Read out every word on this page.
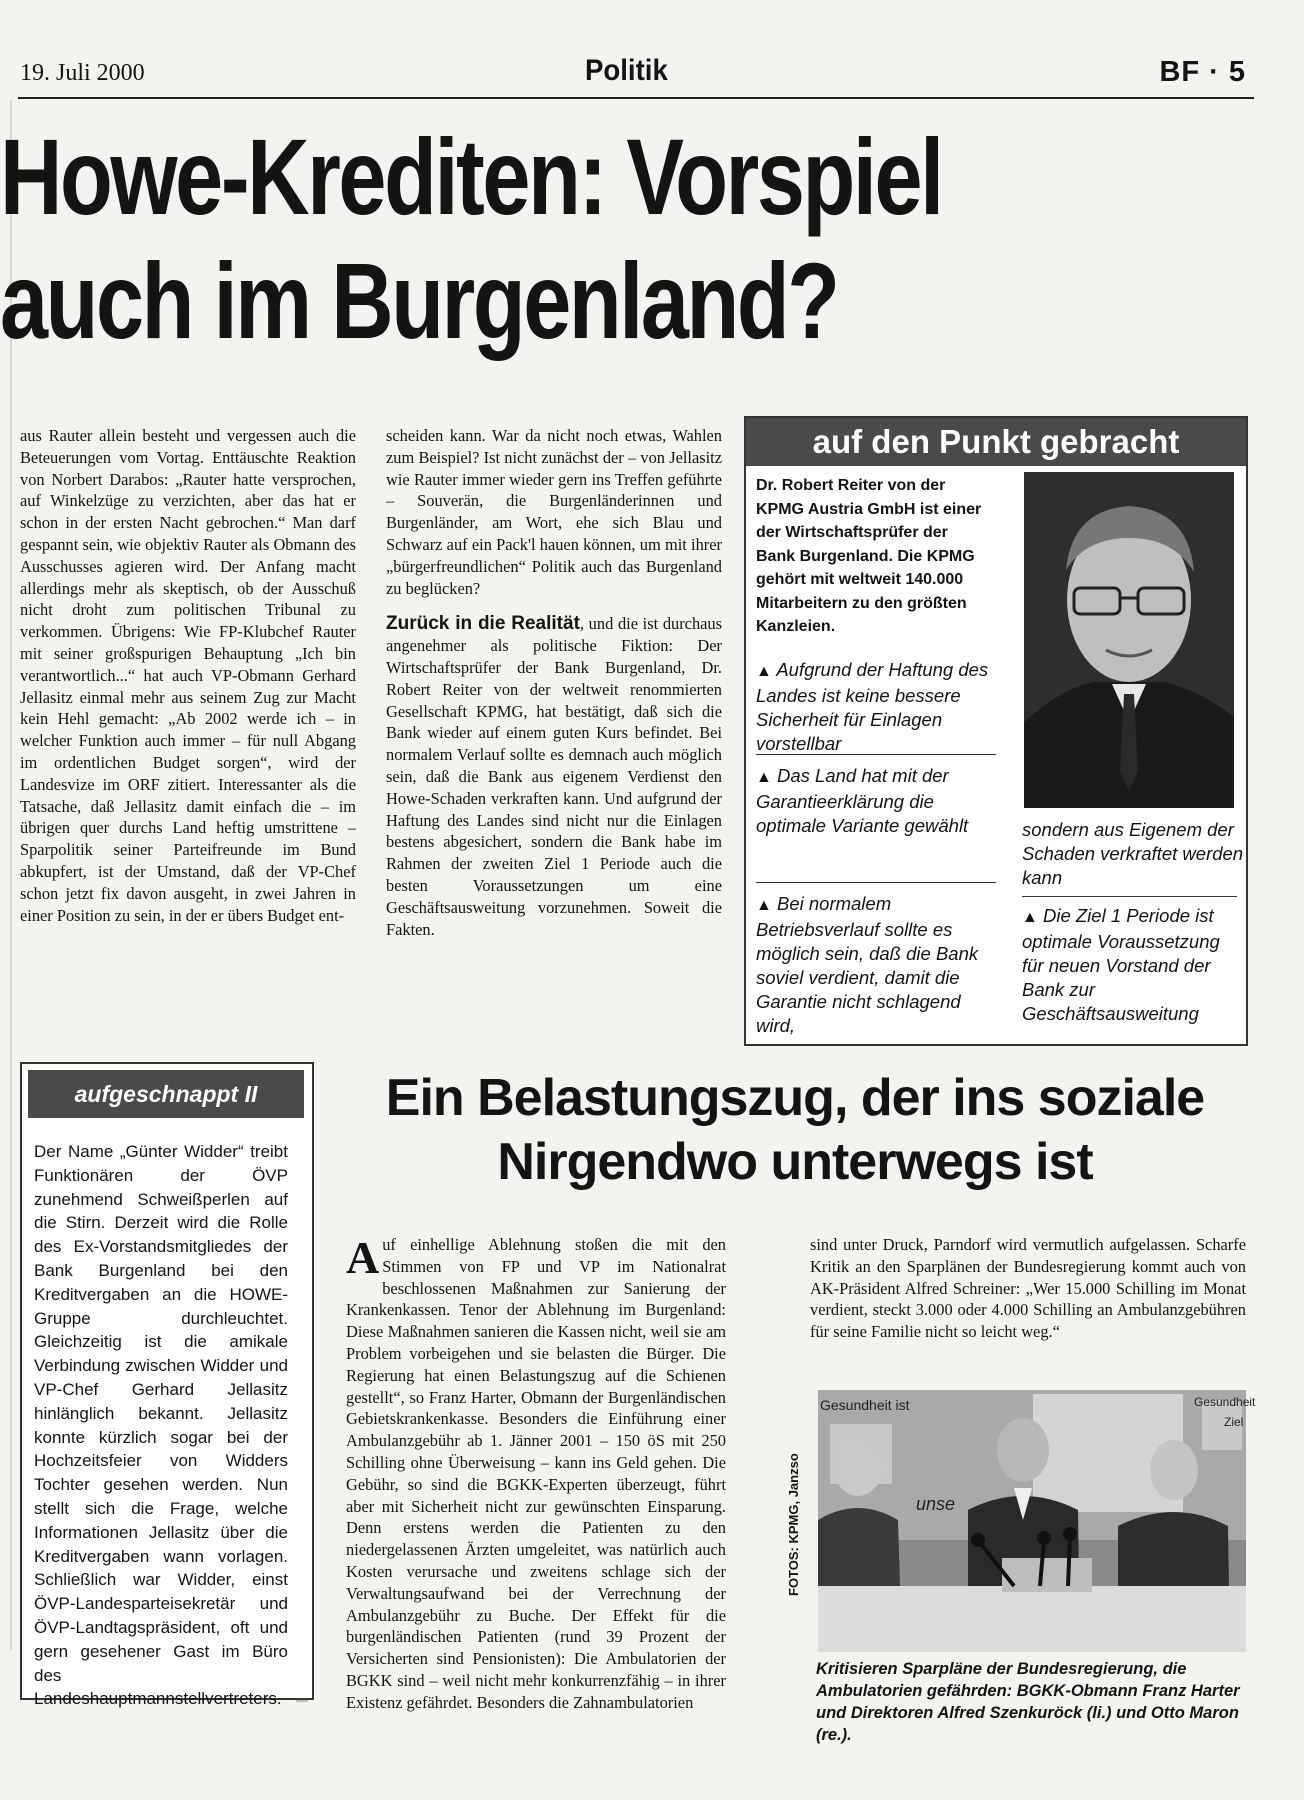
19. Juli 2000	Politik	BF · 5
Howe-Krediten: Vorspiel
auch im Burgenland?
aus Rauter allein besteht und vergessen auch die Beteuerungen vom Vortag. Enttäuschte Reaktion von Norbert Darabos: „Rauter hatte versprochen, auf Winkelzüge zu verzichten, aber das hat er schon in der ersten Nacht gebrochen.“ Man darf gespannt sein, wie objektiv Rauter als Obmann des Ausschusses agieren wird. Der Anfang macht allerdings mehr als skeptisch, ob der Ausschuß nicht droht zum politischen Tribunal zu verkommen. Übrigens: Wie FP-Klubchef Rauter mit seiner großspurigen Behauptung „Ich bin verantwortlich...“ hat auch VP-Obmann Gerhard Jellasitz einmal mehr aus seinem Zug zur Macht kein Hehl gemacht: „Ab 2002 werde ich – in welcher Funktion auch immer – für null Abgang im ordentlichen Budget sorgen“, wird der Landesvize im ORF zitiert. Interessanter als die Tatsache, daß Jellasitz damit einfach die – im übrigen quer durchs Land heftig umstrittene – Sparpolitik seiner Parteifreunde im Bund abkupfert, ist der Umstand, daß der VP-Chef schon jetzt fix davon ausgeht, in zwei Jahren in einer Position zu sein, in der er übers Budget ent-
scheiden kann. War da nicht noch etwas, Wahlen zum Beispiel? Ist nicht zunächst der – von Jellasitz wie Rauter immer wieder gern ins Treffen geführte – Souverän, die Burgenländerinnen und Burgenländer, am Wort, ehe sich Blau und Schwarz auf ein Pack'l hauen können, um mit ihrer „bürgerfreundlichen“ Politik auch das Burgenland zu beglücken?
Zurück in die Realität, und die ist durchaus angenehmer als politische Fiktion: Der Wirtschaftsprüfer der Bank Burgenland, Dr. Robert Reiter von der weltweit renommierten Gesellschaft KPMG, hat bestätigt, daß sich die Bank wieder auf einem guten Kurs befindet. Bei normalem Verlauf sollte es demnach auch möglich sein, daß die Bank aus eigenem Verdienst den Howe-Schaden verkraften kann. Und aufgrund der Haftung des Landes sind nicht nur die Einlagen bestens abgesichert, sondern die Bank habe im Rahmen der zweiten Ziel 1 Periode auch die besten Voraussetzungen um eine Geschäftsausweitung vorzunehmen. Soweit die Fakten.
auf den Punkt gebracht
Dr. Robert Reiter von der KPMG Austria GmbH ist einer der Wirtschaftsprüfer der Bank Burgenland. Die KPMG gehört mit weltweit 140.000 Mitarbeitern zu den größten Kanzleien.
▲ Aufgrund der Haftung des Landes ist keine bessere Sicherheit für Einlagen vorstellbar
▲ Das Land hat mit der Garantieerklärung die optimale Variante gewählt
▲ Bei normalem Betriebsverlauf sollte es möglich sein, daß die Bank soviel verdient, damit die Garantie nicht schlagend wird,
sondern aus Eigenem der Schaden verkraftet werden kann
▲ Die Ziel 1 Periode ist optimale Voraussetzung für neuen Vorstand der Bank zur Geschäftsausweitung
aufgeschnappt II
Der Name „Günter Widder“ treibt Funktionären der ÖVP zunehmend Schweißperlen auf die Stirn. Derzeit wird die Rolle des Ex-Vorstandsmitgliedes der Bank Burgenland bei den Kreditvergaben an die HOWE-Gruppe durchleuchtet. Gleichzeitig ist die amikale Verbindung zwischen Widder und VP-Chef Gerhard Jellasitz hinlänglich bekannt. Jellasitz konnte kürzlich sogar bei der Hochzeitsfeier von Widders Tochter gesehen werden. Nun stellt sich die Frage, welche Informationen Jellasitz über die Kreditvergaben wann vorlagen. Schließlich war Widder, einst ÖVP-Landesparteisekretär und ÖVP-Landtagspräsident, oft und gern gesehener Gast im Büro des Landeshauptmannstellvertreters.
Ein Belastungszug, der ins soziale
Nirgendwo unterwegs ist
Auf einhellige Ablehnung stoßen die mit den Stimmen von FP und VP im Nationalrat beschlossenen Maßnahmen zur Sanierung der Krankenkassen. Tenor der Ablehnung im Burgenland: Diese Maßnahmen sanieren die Kassen nicht, weil sie am Problem vorbeigehen und sie belasten die Bürger. Die Regierung hat einen Belastungszug auf die Schienen gestellt“, so Franz Harter, Obmann der Burgenländischen Gebietskrankenkasse. Besonders die Einführung einer Ambulanzgebühr ab 1. Jänner 2001 – 150 öS mit 250 Schilling ohne Überweisung – kann ins Geld gehen. Die Gebühr, so sind die BGKK-Experten überzeugt, führt aber mit Sicherheit nicht zur gewünschten Einsparung. Denn erstens werden die Patienten zu den niedergelassenen Ärzten umgeleitet, was natürlich auch Kosten verursache und zweitens schlage sich der Verwaltungsaufwand bei der Verrechnung der Ambulanzgebühr zu Buche. Der Effekt für die burgenländischen Patienten (rund 39 Prozent der Versicherten sind Pensionisten): Die Ambulatorien der BGKK sind – weil nicht mehr konkurrenzfähig – in ihrer Existenz gefährdet. Besonders die Zahnambulatorien
sind unter Druck, Parndorf wird vermutlich aufgelassen. Scharfe Kritik an den Sparplänen der Bundesregierung kommt auch von AK-Präsident Alfred Schreiner: „Wer 15.000 Schilling im Monat verdient, steckt 3.000 oder 4.000 Schilling an Ambulanzgebühren für seine Familie nicht so leicht weg.“
FOTOS: KPMG, Janzso
Gesundheit ist	Gesundheit
Ziel
unse
Kritisieren Sparpläne der Bundesregierung, die Ambulatorien gefährden: BGKK-Obmann Franz Harter und Direktoren Alfred Szenkuröck (li.) und Otto Maron (re.).
